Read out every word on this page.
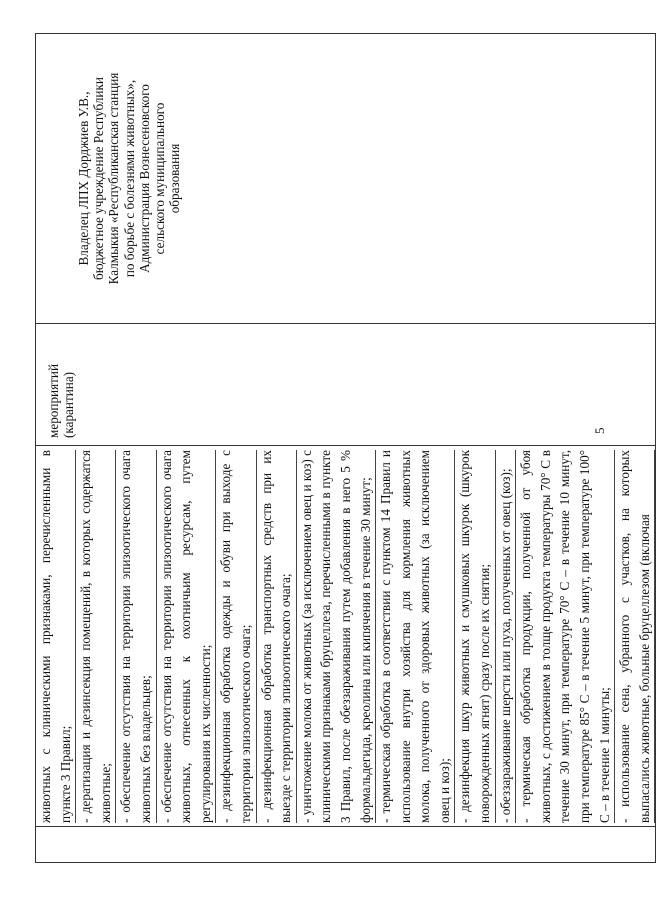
животных с клиническими признаками, перечисленными в пункте 3 Правил; - дератизация и дезинсекция помещений, в которых содержатся животные; - обеспечение отсутствия на территории эпизоотического очага животных без владельцев; - обеспечение отсутствия на территории эпизоотического очага животных, отнесенных к охотничьим ресурсам, путем регулирования их численности; - дезинфекционная обработка одежды и обуви при выходе с территории эпизоотического очага; - дезинфекционная обработка транспортных средств при их выезде с территории эпизоотического очага; - уничтожение молока от животных (за исключением овец и коз) с клиническими признаками бруцеллеза, перечисленными в пункте 3 Правил, после обеззараживания путем добавления в него 5 % формальдегида, креолина или кипячения в течение 30 минут; - термическая обработка в соответствии с пунктом 14 Правил и использование внутри хозяйства для кормления животных молока, полученного от здоровых животных (за исключением овец и коз); - дезинфекция шкур животных и смушковых шкурок (шкурок новорожденных ягнят) сразу после их снятия; - обеззараживание шерсти или пуха, полученных от овец (коз); - термическая обработка продукции, полученной от убоя животных, с достижением в толще продукта температуры 70° С в течение 30 минут, при температуре 70° С – в течение 10 минут, при температуре 85° С – в течение 5 минут, при температуре 100° С – в течение 1 минуты; - использование сена, убранного с участков, на которых выпасались животные, больные бруцеллезом (включая

мероприятий (карантина)

Владелец ЛПХ Дорджиев У.В., бюджетное учреждение Республики Калмыкия «Республиканская станция по борьбе с болезнями животных», Администрация Вознесеновского сельского муниципального образования
5
